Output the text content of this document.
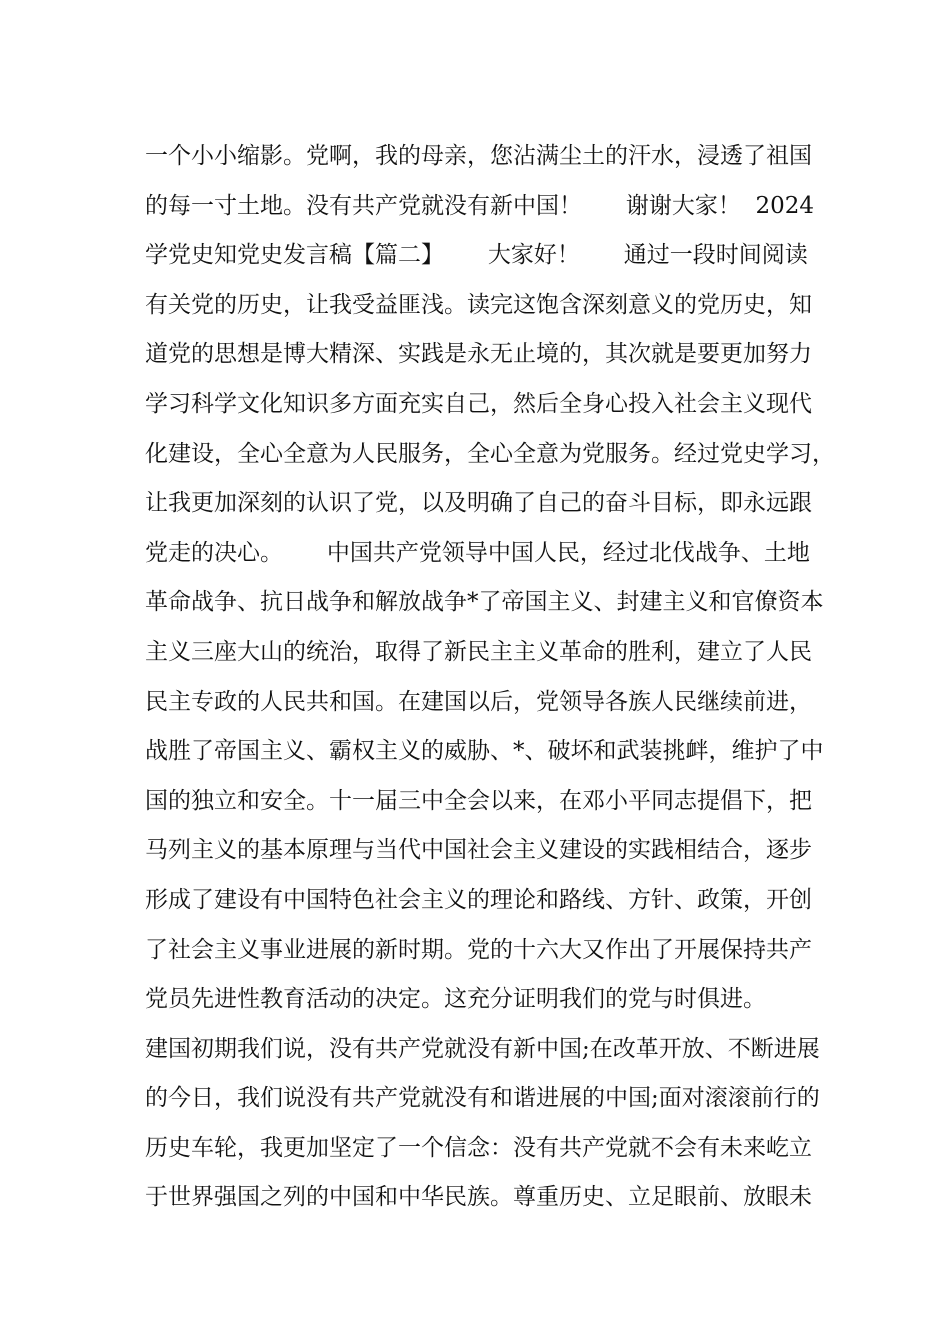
一个小小缩影。党啊，我的母亲，您沾满尘土的汗水，浸透了祖国
的每一寸土地。没有共产党就没有新中国！      谢谢大家！  2024
学党史知党史发言稿【篇二】      大家好！      通过一段时间阅读
有关党的历史，让我受益匪浅。读完这饱含深刻意义的党历史，知
道党的思想是博大精深、实践是永无止境的，其次就是要更加努力
学习科学文化知识多方面充实自己，然后全身心投入社会主义现代
化建设，全心全意为人民服务，全心全意为党服务。经过党史学习，
让我更加深刻的认识了党，以及明确了自己的奋斗目标，即永远跟
党走的决心。      中国共产党领导中国人民，经过北伐战争、土地
革命战争、抗日战争和解放战争*了帝国主义、封建主义和官僚资本
主义三座大山的统治，取得了新民主主义革命的胜利，建立了人民
民主专政的人民共和国。在建国以后，党领导各族人民继续前进，
战胜了帝国主义、霸权主义的威胁、*、破坏和武装挑衅，维护了中
国的独立和安全。十一届三中全会以来，在邓小平同志提倡下，把
马列主义的基本原理与当代中国社会主义建设的实践相结合，逐步
形成了建设有中国特色社会主义的理论和路线、方针、政策，开创
了社会主义事业进展的新时期。党的十六大又作出了开展保持共产
党员先进性教育活动的决定。这充分证明我们的党与时俱进。
建国初期我们说，没有共产党就没有新中国;在改革开放、不断进展
的今日，我们说没有共产党就没有和谐进展的中国;面对滚滚前行的
历史车轮，我更加坚定了一个信念：没有共产党就不会有未来屹立
于世界强国之列的中国和中华民族。尊重历史、立足眼前、放眼未
